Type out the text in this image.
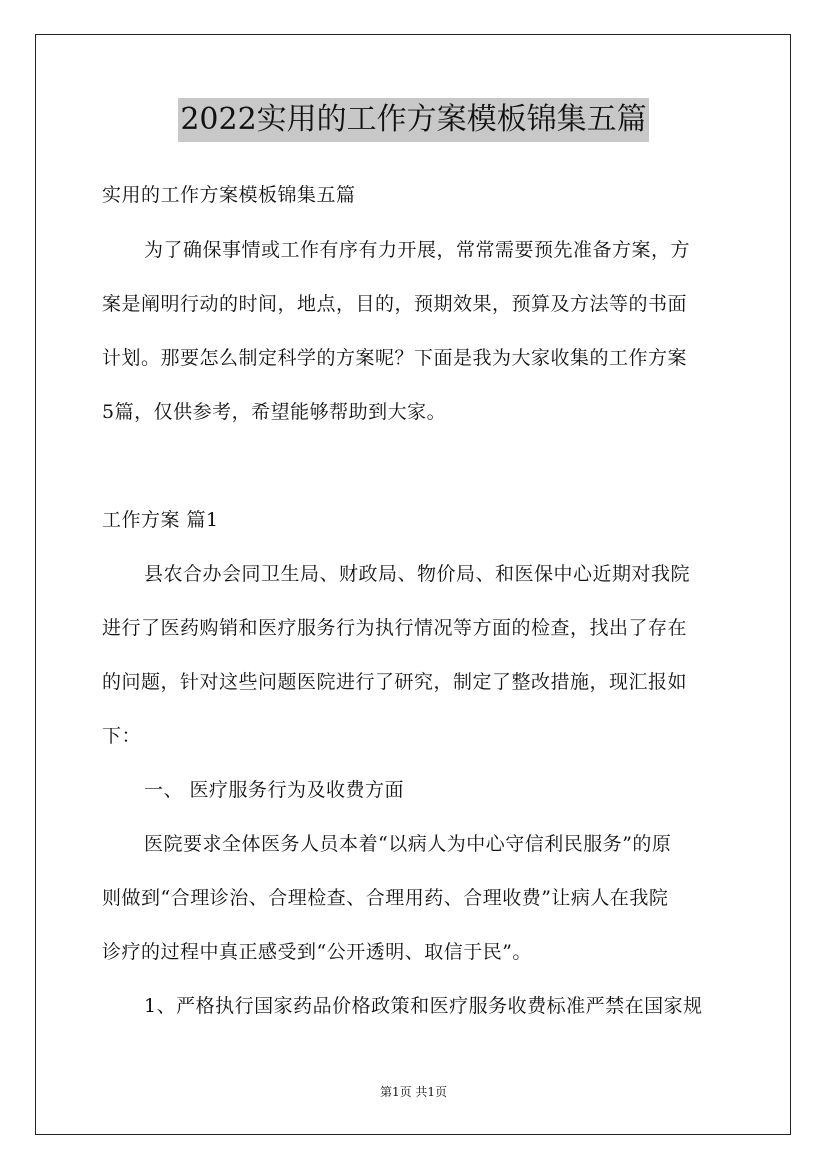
2022实用的工作方案模板锦集五篇
实用的工作方案模板锦集五篇
为了确保事情或工作有序有力开展，常常需要预先准备方案，方
案是阐明行动的时间，地点，目的，预期效果，预算及方法等的书面
计划。那要怎么制定科学的方案呢？下面是我为大家收集的工作方案
5篇，仅供参考，希望能够帮助到大家。
工作方案 篇1
县农合办会同卫生局、财政局、物价局、和医保中心近期对我院
进行了医药购销和医疗服务行为执行情况等方面的检查，找出了存在
的问题，针对这些问题医院进行了研究，制定了整改措施，现汇报如
下：
一、 医疗服务行为及收费方面
医院要求全体医务人员本着“以病人为中心守信利民服务”的原
则做到“合理诊治、合理检查、合理用药、合理收费”让病人在我院
诊疗的过程中真正感受到“公开透明、取信于民”。
1、严格执行国家药品价格政策和医疗服务收费标准严禁在国家规
第1页 共1页
